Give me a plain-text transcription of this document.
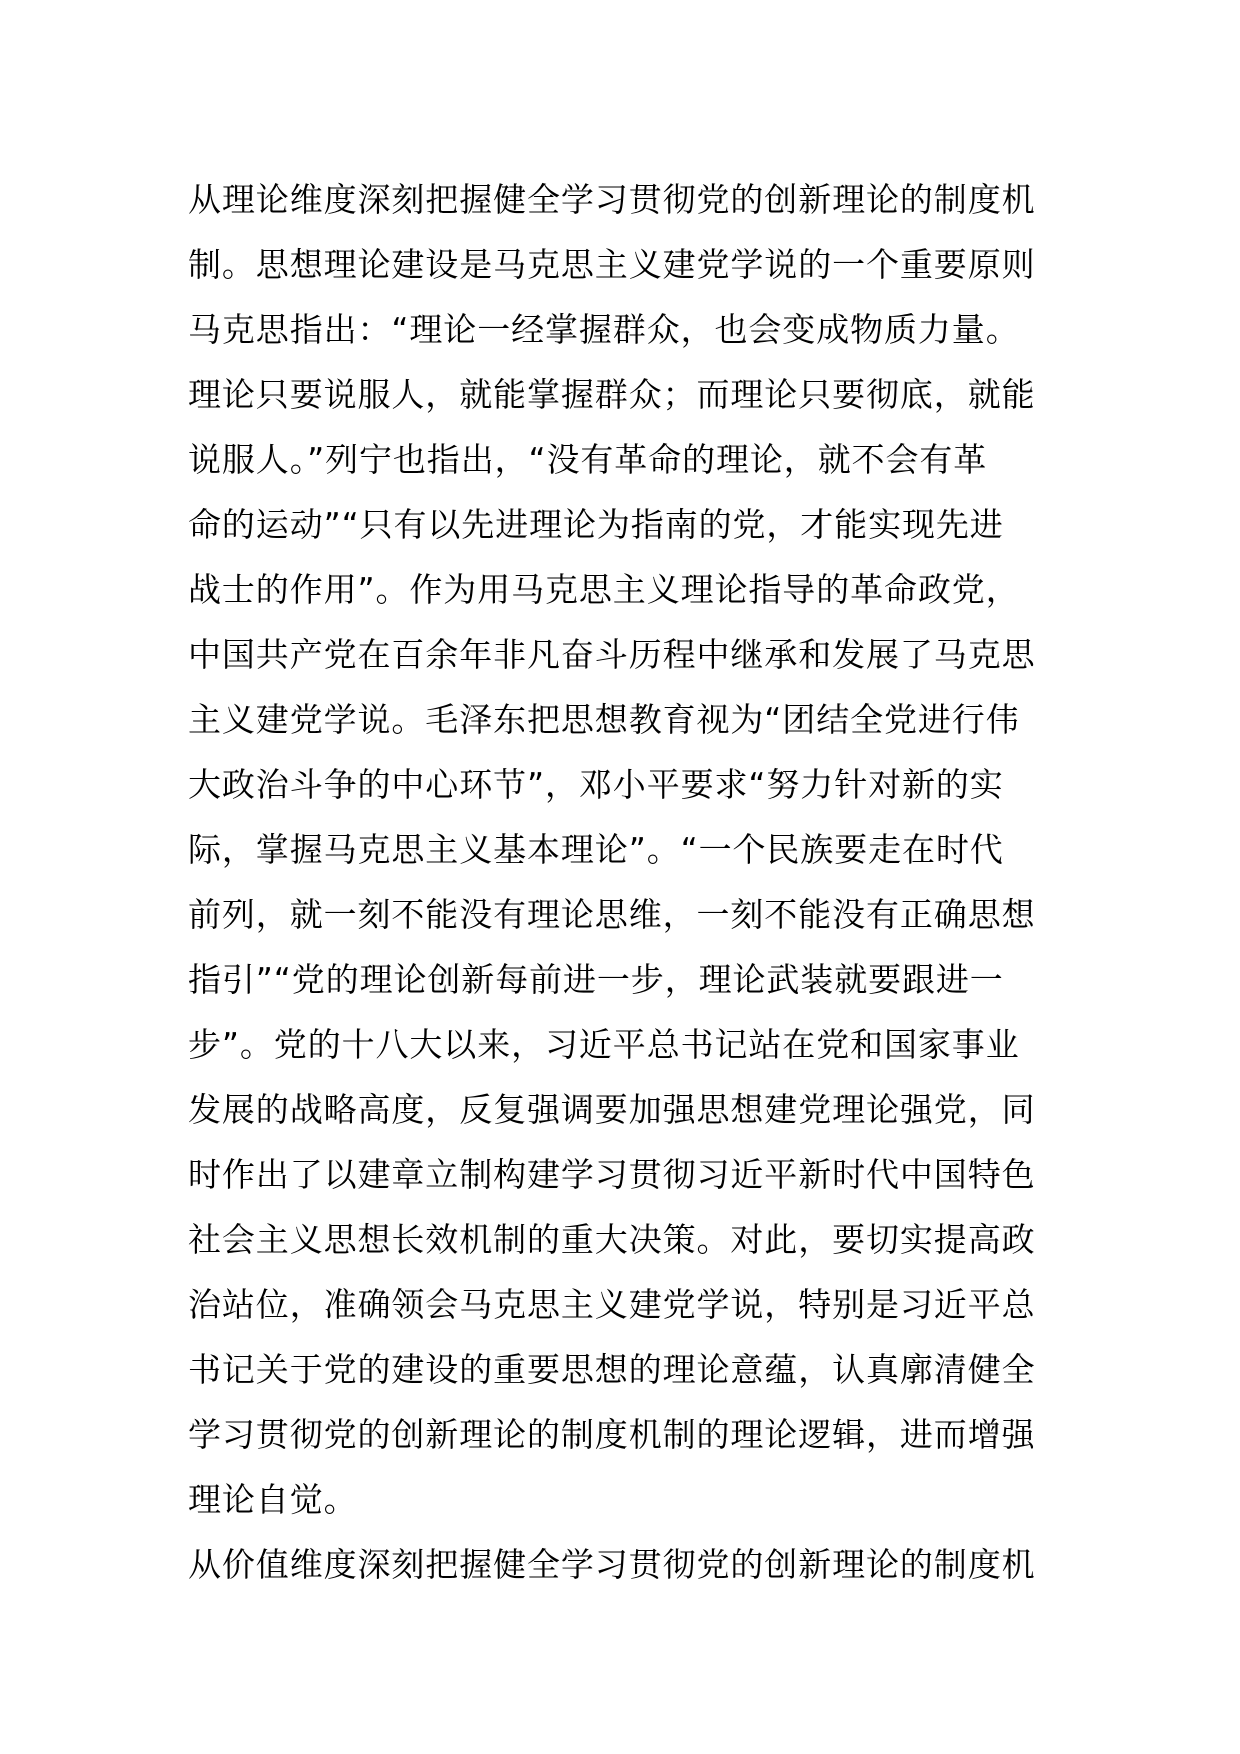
从理论维度深刻把握健全学习贯彻党的创新理论的制度机
制。思想理论建设是马克思主义建党学说的一个重要原则
马克思指出：“理论一经掌握群众，也会变成物质力量。
理论只要说服人，就能掌握群众；而理论只要彻底，就能
说服人。”列宁也指出，“没有革命的理论，就不会有革
命的运动”“只有以先进理论为指南的党，才能实现先进
战士的作用”。作为用马克思主义理论指导的革命政党，
中国共产党在百余年非凡奋斗历程中继承和发展了马克思
主义建党学说。毛泽东把思想教育视为“团结全党进行伟
大政治斗争的中心环节”，邓小平要求“努力针对新的实
际，掌握马克思主义基本理论”。“一个民族要走在时代
前列，就一刻不能没有理论思维，一刻不能没有正确思想
指引”“党的理论创新每前进一步，理论武装就要跟进一
步”。党的十八大以来，习近平总书记站在党和国家事业
发展的战略高度，反复强调要加强思想建党理论强党，同
时作出了以建章立制构建学习贯彻习近平新时代中国特色
社会主义思想长效机制的重大决策。对此，要切实提高政
治站位，准确领会马克思主义建党学说，特别是习近平总
书记关于党的建设的重要思想的理论意蕴，认真廓清健全
学习贯彻党的创新理论的制度机制的理论逻辑，进而增强
理论自觉。
从价值维度深刻把握健全学习贯彻党的创新理论的制度机
